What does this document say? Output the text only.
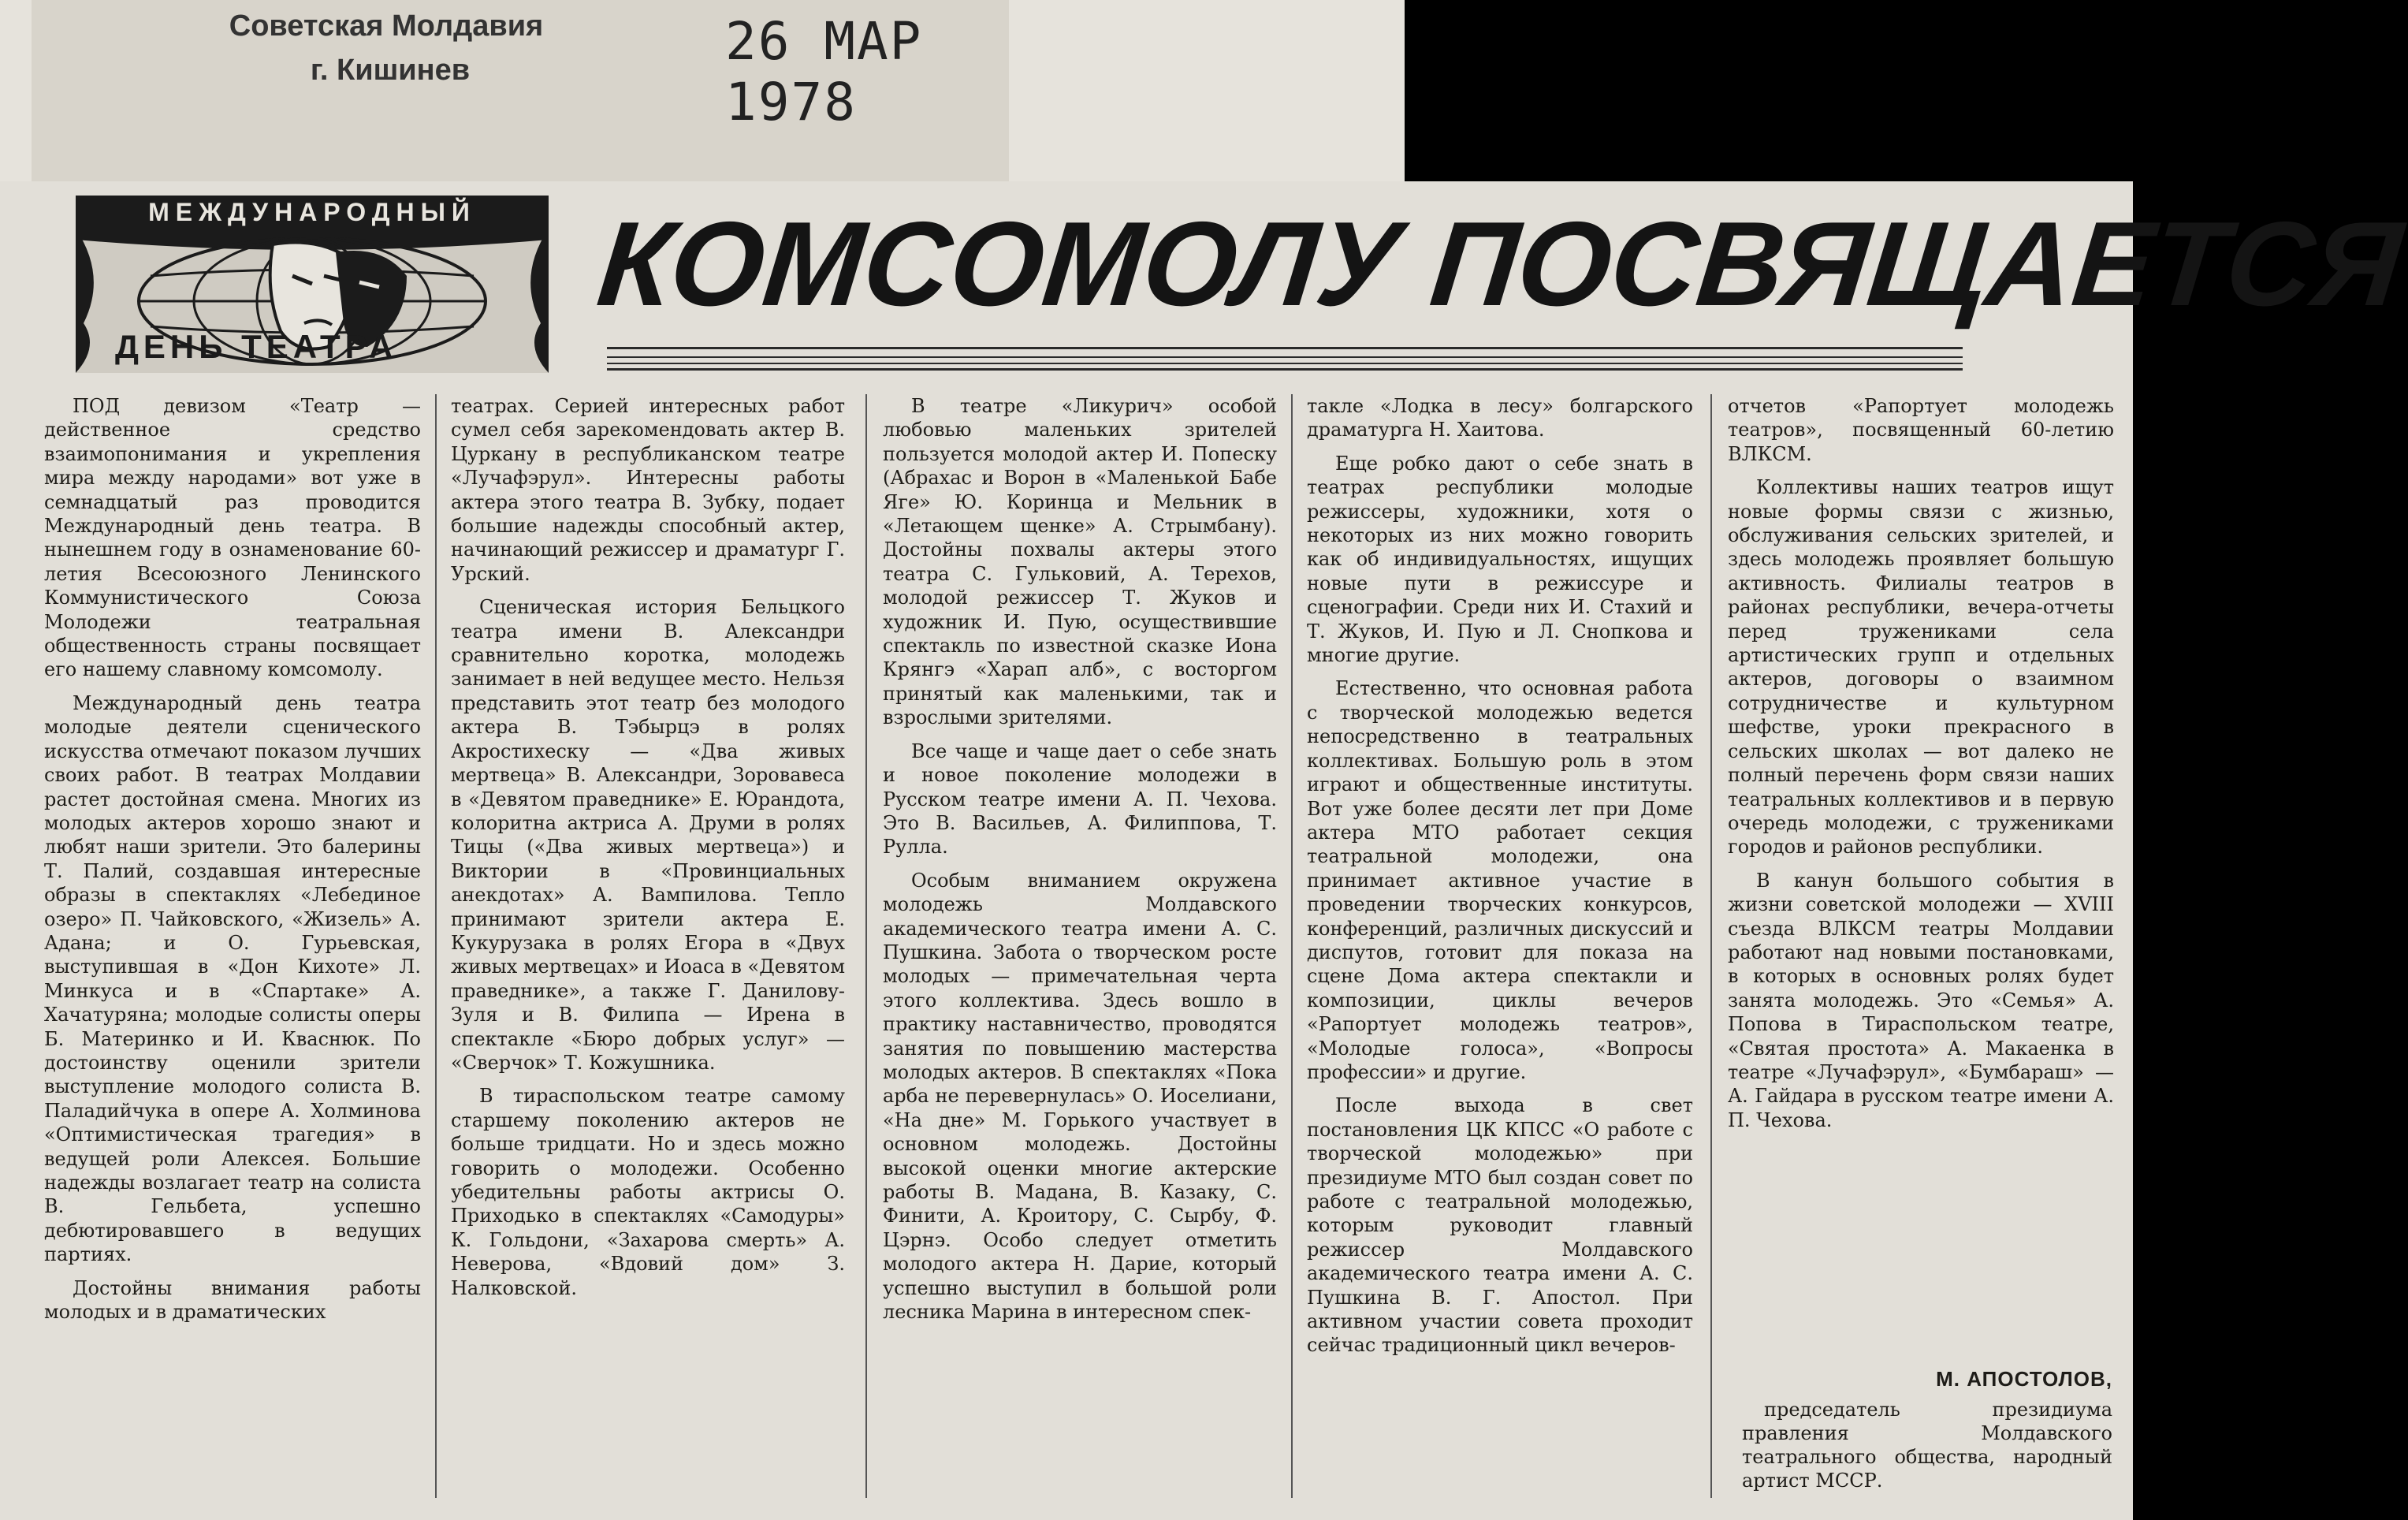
Советская Молдавия
г. Кишинев	26 МАР 1978
МЕЖДУНАРОДНЫЙ
ДЕНЬ ТЕАТРА
КОМСОМОЛУ ПОСВЯЩАЕТСЯ

ПОД девизом «Театр —действенное средство взаимопонимания и укрепления мира между народами» вот уже в семнадцатый раз проводится Международный день театра. В нынешнем году в ознаменование 60-летия Всесоюзного Ленинского Коммунистического Союза Молодежи театральная общественность страны посвящает его нашему славному комсомолу.

Международный день театра молодые деятели сценического искусства отмечают показом лучших своих работ. В театрах Молдавии растет достойная смена. Многих из молодых актеров хорошо знают и любят наши зрители. Это балерины Т. Палий, создавшая интересные образы в спектаклях «Лебединое озеро» П. Чайковского, «Жизель» А. Адана; и О. Гурьевская, выступившая в «Дон Кихоте» Л. Минкуса и в «Спартаке» А. Хачатуряна; молодые солисты оперы Б. Материнко и И. Кваснюк. По достоинству оценили зрители выступление молодого солиста В. Паладийчука в опере А. Холминова «Оптимистическая трагедия» в ведущей роли Алексея. Большие надежды возлагает театр на солиста В. Гельбета, успешно дебютировавшего в ведущих партиях.

Достойны внимания работы молодых и в драматических

театрах. Серией интересных работ сумел себя зарекомендовать актер В. Цуркану в республиканском театре «Лучафэрул». Интересны работы актера этого театра В. Зубку, подает большие надежды способный актер, начинающий режиссер и драматург Г. Урский.

Сценическая история Бельцкого театра имени В. Александри сравнительно коротка, молодежь занимает в ней ведущее место. Нельзя представить этот театр без молодого актера В. Тэбырцэ в ролях Акростихеску — «Два живых мертвеца» В. Александри, Зоровавеса в «Девятом праведнике» Е. Юрандота, колоритна актриса А. Друми в ролях Тицы («Два живых мертвеца») и Виктории в «Провинциальных анекдотах» А. Вампилова. Тепло принимают зрители актера Е. Кукурузака в ролях Егора в «Двух живых мертвецах» и Иоаса в «Девятом праведнике», а также Г. Даниловy-Зуля и В. Филипа — Ирена в спектакле «Бюро добрых услуг» — «Сверчок» Т. Кожушника.

В тираспольском театре самому старшему поколению актеров не больше тридцати. Но и здесь можно говорить о молодежи. Особенно убедительны работы актрисы О. Приходько в спектаклях «Самодуры» К. Гольдони, «Захарова смерть» А. Неверова, «Вдовий дом» З. Налковской.

В театре «Ликурич» особой любовью маленьких зрителей пользуется молодой актер И. Попеску (Абрахас и Ворон в «Маленькой Бабе Яге» Ю. Коринца и Мельник в «Летающем щенке» А. Стрымбану). Достойны похвалы актеры этого театра С. Гульковий, А. Терехов, молодой режиссер Т. Жуков и художник И. Пую, осуществившие спектакль по известной сказке Иона Крянгэ «Харап алб», с восторгом принятый как маленькими, так и взрослыми зрителями.

Все чаще и чаще дает о себе знать и новое поколение молодежи в Русском театре имени А. П. Чехова. Это В. Васильев, А. Филиппова, Т. Рулла.

Особым вниманием окружена молодежь Молдавского академического театра имени А. С. Пушкина. Забота о творческом росте молодых — примечательная черта этого коллектива. Здесь вошло в практику наставничество, проводятся занятия по повышению мастерства молодых актеров. В спектаклях «Пока арба не перевернулась» О. Иоселиани, «На дне» М. Горького участвует в основном молодежь. Достойны высокой оценки многие актерские работы В. Мадана, В. Казаку, С. Финити, А. Кроитору, С. Сырбу, Ф. Цэрнэ. Особо следует отметить молодого актера Н. Дарие, который успешно выступил в большой роли лесника Марина в интересном спек-

такле «Лодка в лесу» болгарского драматурга Н. Хаитова.

Еще робко дают о себе знать в театрах республики молодые режиссеры, художники, хотя о некоторых из них можно говорить как об индивидуальностях, ищущих новые пути в режиссуре и сценографии. Среди них И. Стахий и Т. Жуков, И. Пую и Л. Снопкова и многие другие.

Естественно, что основная работа с творческой молодежью ведется непосредственно в театральных коллективах. Большую роль в этом играют и общественные институты. Вот уже более десяти лет при Доме актера МТО работает секция театральной молодежи, она принимает активное участие в проведении творческих конкурсов, конференций, различных дискуссий и диспутов, готовит для показа на сцене Дома актера спектакли и композиции, циклы вечеров «Рапортует молодежь театров», «Молодые голоса», «Вопросы профессии» и другие.

После выхода в свет постановления ЦК КПСС «О работе с творческой молодежью» при президиуме МТО был создан совет по работе с театральной молодежью, которым руководит главный режиссер Молдавского академического театра имени А. С. Пушкина В. Г. Апостол. При активном участии совета проходит сейчас традиционный цикл вечеров-

отчетов «Рапортует молодежь театров», посвященный 60-летию ВЛКСМ.

Коллективы наших театров ищут новые формы связи с жизнью, обслуживания сельских зрителей, и здесь молодежь проявляет большую активность. Филиалы театров в районах республики, вечера-отчеты перед тружениками села артистических групп и отдельных актеров, договоры о взаимном сотрудничестве и культурном шефстве, уроки прекрасного в сельских школах — вот далеко не полный перечень форм связи наших театральных коллективов и в первую очередь молодежи, с тружениками городов и районов республики.

В канун большого события в жизни советской молодежи — XVIII съезда ВЛКСМ театры Молдавии работают над новыми постановками, в которых в основных ролях будет занята молодежь. Это «Семья» А. Попова в Тираспольском театре, «Святая простота» А. Макаенка в театре «Лучафэрул», «Бумбараш» — А. Гайдара в русском театре имени А. П. Чехова.

М. АПОСТОЛОВ,
председатель президиума правления Молдавского театрального общества, народный артист МССР.
